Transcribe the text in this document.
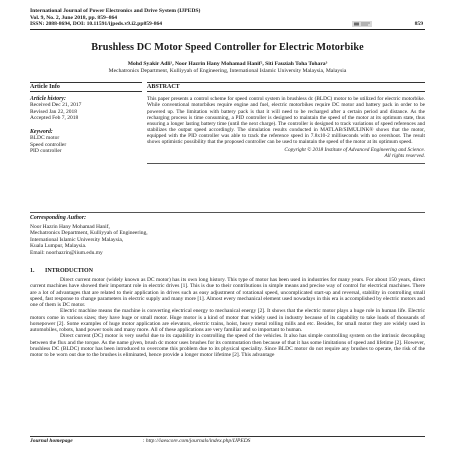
International Journal of Power Electronics and Drive System (IJPEDS)
Vol. 9, No. 2, June 2018, pp. 859~864
ISSN: 2088-8694, DOI: 10.11591/ijpeds.v9.i2.pp859-864	859
Brushless DC Motor Speed Controller for Electric Motorbike
Mohd Syakir Adli¹, Noor Hazrin Hany Mohamad Hanif², Siti Fauziah Toha Tohara³
Mechatronics Department, Kulliyyah of Engineering, International Islamic University Malaysia, Malaysia
Article Info
Article history:
Received Dec 21, 2017
Revised Jan 22, 2018
Accepted Feb 7, 2018
Keyword:
BLDC motor
Speed controller
PID controller
ABSTRACT
This paper presents a control scheme for speed control system in brushless dc (BLDC) motor to be utilized for electric motorbike. While conventional motorbikes require engine and fuel, electric motorbikes require DC motor and battery pack in order to be powered up. The limitation with battery pack is that it will need to be recharged after a certain period and distance. As the recharging process is time consuming, a PID controller is designed to maintain the speed of the motor at its optimum state, thus ensuring a longer lasting battery time (until the next charge). The controller is designed to track variations of speed references and stabilizes the output speed accordingly. The simulation results conducted in MATLAB/SIMULINK® shows that the motor, equipped with the PID controller was able to track the reference speed in 7.8x10-2 milliseconds with no overshoot. The result shows optimistic possibility that the proposed controller can be used to maintain the speed of the motor at its optimum speed.
Copyright © 2018 Institute of Advanced Engineering and Science.
All rights reserved.
Corresponding Author:
Noor Hazrin Hany Mohamad Hanif,
Mechatronics Department, Kulliyyah of Engineering,
International Islamic University Malaysia,
Kuala Lumpur, Malaysia.
Email: noorhazrin@iium.edu.my
1.       INTRODUCTION

Direct current motor (widely known as DC motor) has its own long history. This type of motor has been used in industries for many years. For about 150 years, direct current machines have showed their important role in electric drives [1]. This is due to their contributions in simple means and precise way of control for electrical machines. There are a lot of advantages that are related to their application in drives such as easy adjustment of rotational speed, uncomplicated start-up and reversal, stability in controlling small speed, fast response to change parameters in electric supply and many more [1]. Almost every mechanical element used nowadays in this era is accomplished by electric motors and one of them is DC motor.

Electric machine means the machine is converting electrical energy to mechanical energy [2]. It shows that the electric motor plays a huge role in human life. Electric motors come in various sizes; they have huge or small motor. Huge motor is a kind of motor that widely used in industry because of its capability to take loads of thousands of horsepower [2]. Some examples of huge motor application are elevators, electric trains, hoist, heavy metal rolling mills and etc. Besides, for small motor they are widely used in automobiles, robots, hand power tools and many more. All of these applications are very familiar and so important to human.

Direct current (DC) motor is very useful due to its capability in controlling the speed of the vehicles. It also has simple controlling system on the intrinsic decoupling between the flux and the torque. As the name given, brush dc motor uses brushes for its commutation then because of that it has some limitations of speed and lifetime [2]. However, brushless DC (BLDC) motor has been introduced to overcome this problem due to its physical speciality. Since BLDC motor do not require any brushes to operate, the risk of the motor to be worn out due to the brushes is eliminated, hence provide a longer motor lifetime [2]. This advantage

Journal homepage	: http://iaescore.com/journals/index.php/IJPEDS
